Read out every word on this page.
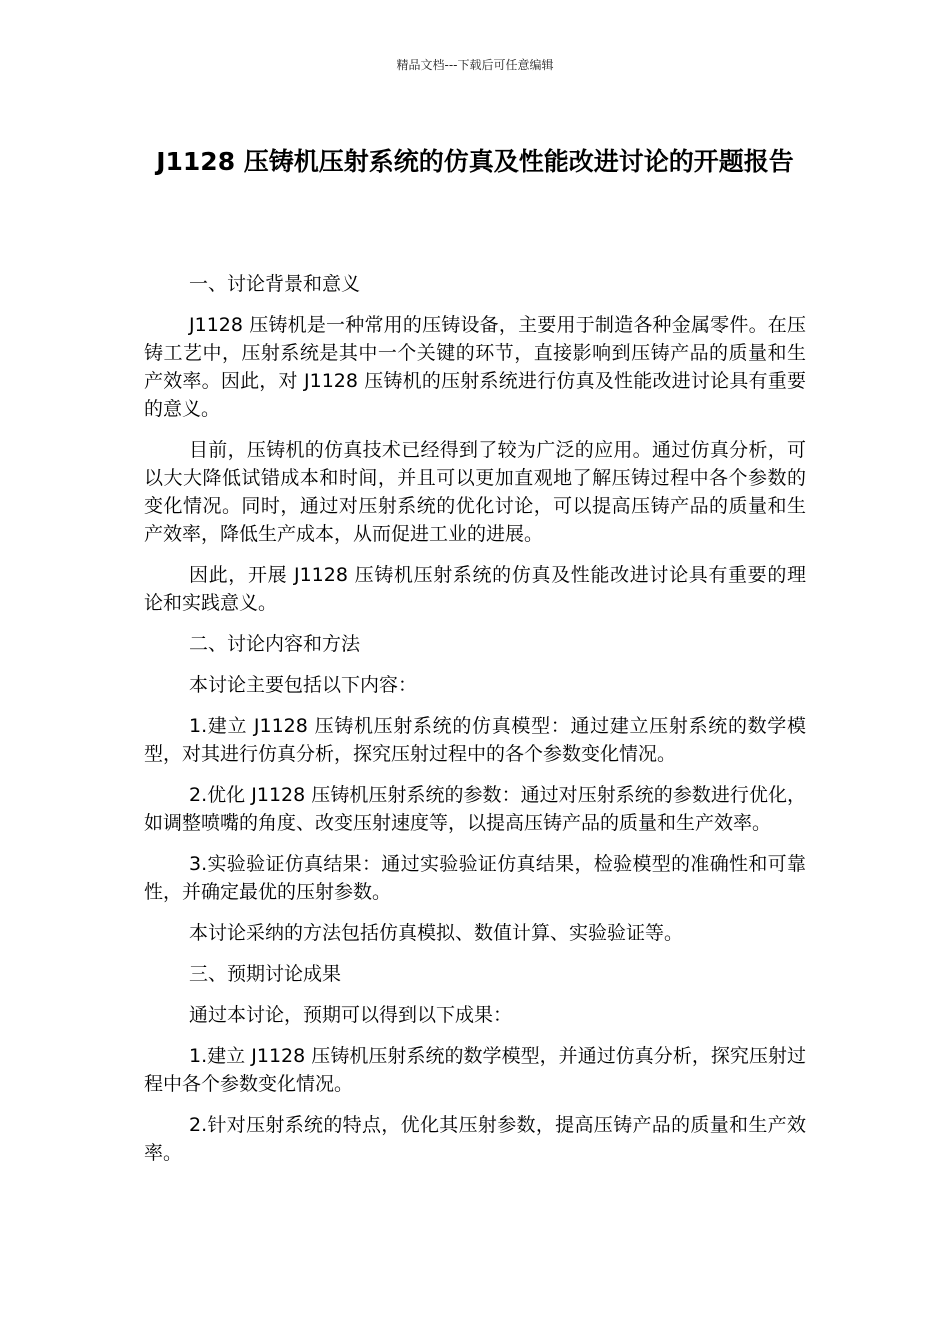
精品文档---下载后可任意编辑
J1128 压铸机压射系统的仿真及性能改进讨论的开题报告

一、讨论背景和意义

J1128 压铸机是一种常用的压铸设备，主要用于制造各种金属零件。在压铸工艺中，压射系统是其中一个关键的环节，直接影响到压铸产品的质量和生产效率。因此，对 J1128 压铸机的压射系统进行仿真及性能改进讨论具有重要的意义。

目前，压铸机的仿真技术已经得到了较为广泛的应用。通过仿真分析，可以大大降低试错成本和时间，并且可以更加直观地了解压铸过程中各个参数的变化情况。同时，通过对压射系统的优化讨论，可以提高压铸产品的质量和生产效率，降低生产成本，从而促进工业的进展。

因此，开展 J1128 压铸机压射系统的仿真及性能改进讨论具有重要的理论和实践意义。

二、讨论内容和方法

本讨论主要包括以下内容：

1.建立 J1128 压铸机压射系统的仿真模型：通过建立压射系统的数学模型，对其进行仿真分析，探究压射过程中的各个参数变化情况。

2.优化 J1128 压铸机压射系统的参数：通过对压射系统的参数进行优化，如调整喷嘴的角度、改变压射速度等，以提高压铸产品的质量和生产效率。

3.实验验证仿真结果：通过实验验证仿真结果，检验模型的准确性和可靠性，并确定最优的压射参数。

本讨论采纳的方法包括仿真模拟、数值计算、实验验证等。

三、预期讨论成果

通过本讨论，预期可以得到以下成果：

1.建立 J1128 压铸机压射系统的数学模型，并通过仿真分析，探究压射过程中各个参数变化情况。

2.针对压射系统的特点，优化其压射参数，提高压铸产品的质量和生产效率。
